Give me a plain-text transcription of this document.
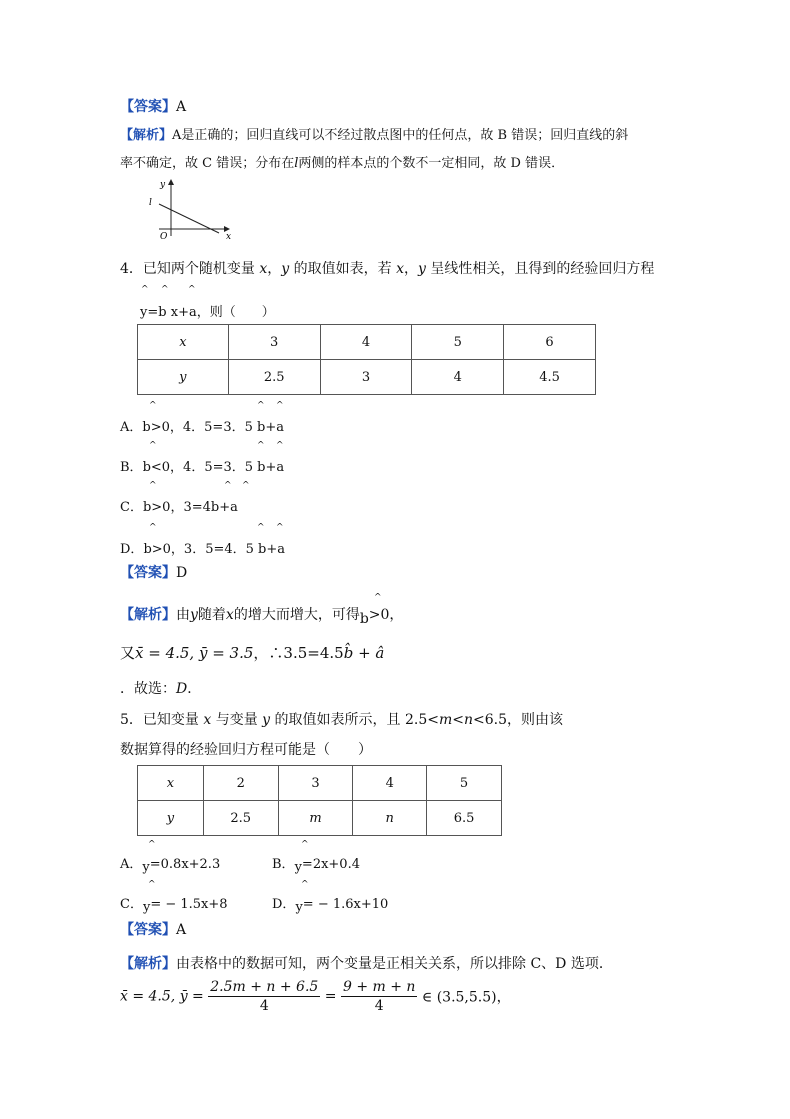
【答案】A
【解析】A是正确的；回归直线可以不经过散点图中的任何点，故 B 错误；回归直线的斜
率不确定，故 C 错误；分布在l两侧的样本点的个数不一定相同，故 D 错误．
y
l
O	x
4．已知两个随机变量 x，y 的取值如表，若 x，y 呈线性相关，且得到的经验回归方程
^ ^ ^
y=b x+a，则（　　）
x	3	4	5	6
y	2.5	3	4	4.5
^	^ ^
A．b>0，4．5=3．5 b+a
^	^ ^
B．b<0，4．5=3．5 b+a
^	^ ^
C．b>0，3=4b+a
^	^ ^
D．b>0，3．5=4．5 b+a
【答案】D
^
【解析】由y随着x的增大而增大，可得b>0，
又x̄ = 4.5, ȳ = 3.5，∴3.5=4.5b̂ + â
．故选：D．
5．已知变量 x 与变量 y 的取值如表所示，且 2.5<m<n<6.5，则由该
数据算得的经验回归方程可能是（　　）
x	2	3	4	5
y	2.5	m	n	6.5
^
A．y=0.8x+2.3
^
B．y=2x+0.4
^
C．y= − 1.5x+8
^
D．y= − 1.6x+10
【答案】A
【解析】由表格中的数据可知，两个变量是正相关关系，所以排除 C、D 选项．
x̄ = 4.5, ȳ = $\frac{2.5m + n + 6.5}{4} = \frac{9 + m + n}{4}$ ∈ (3.5,5.5)，
